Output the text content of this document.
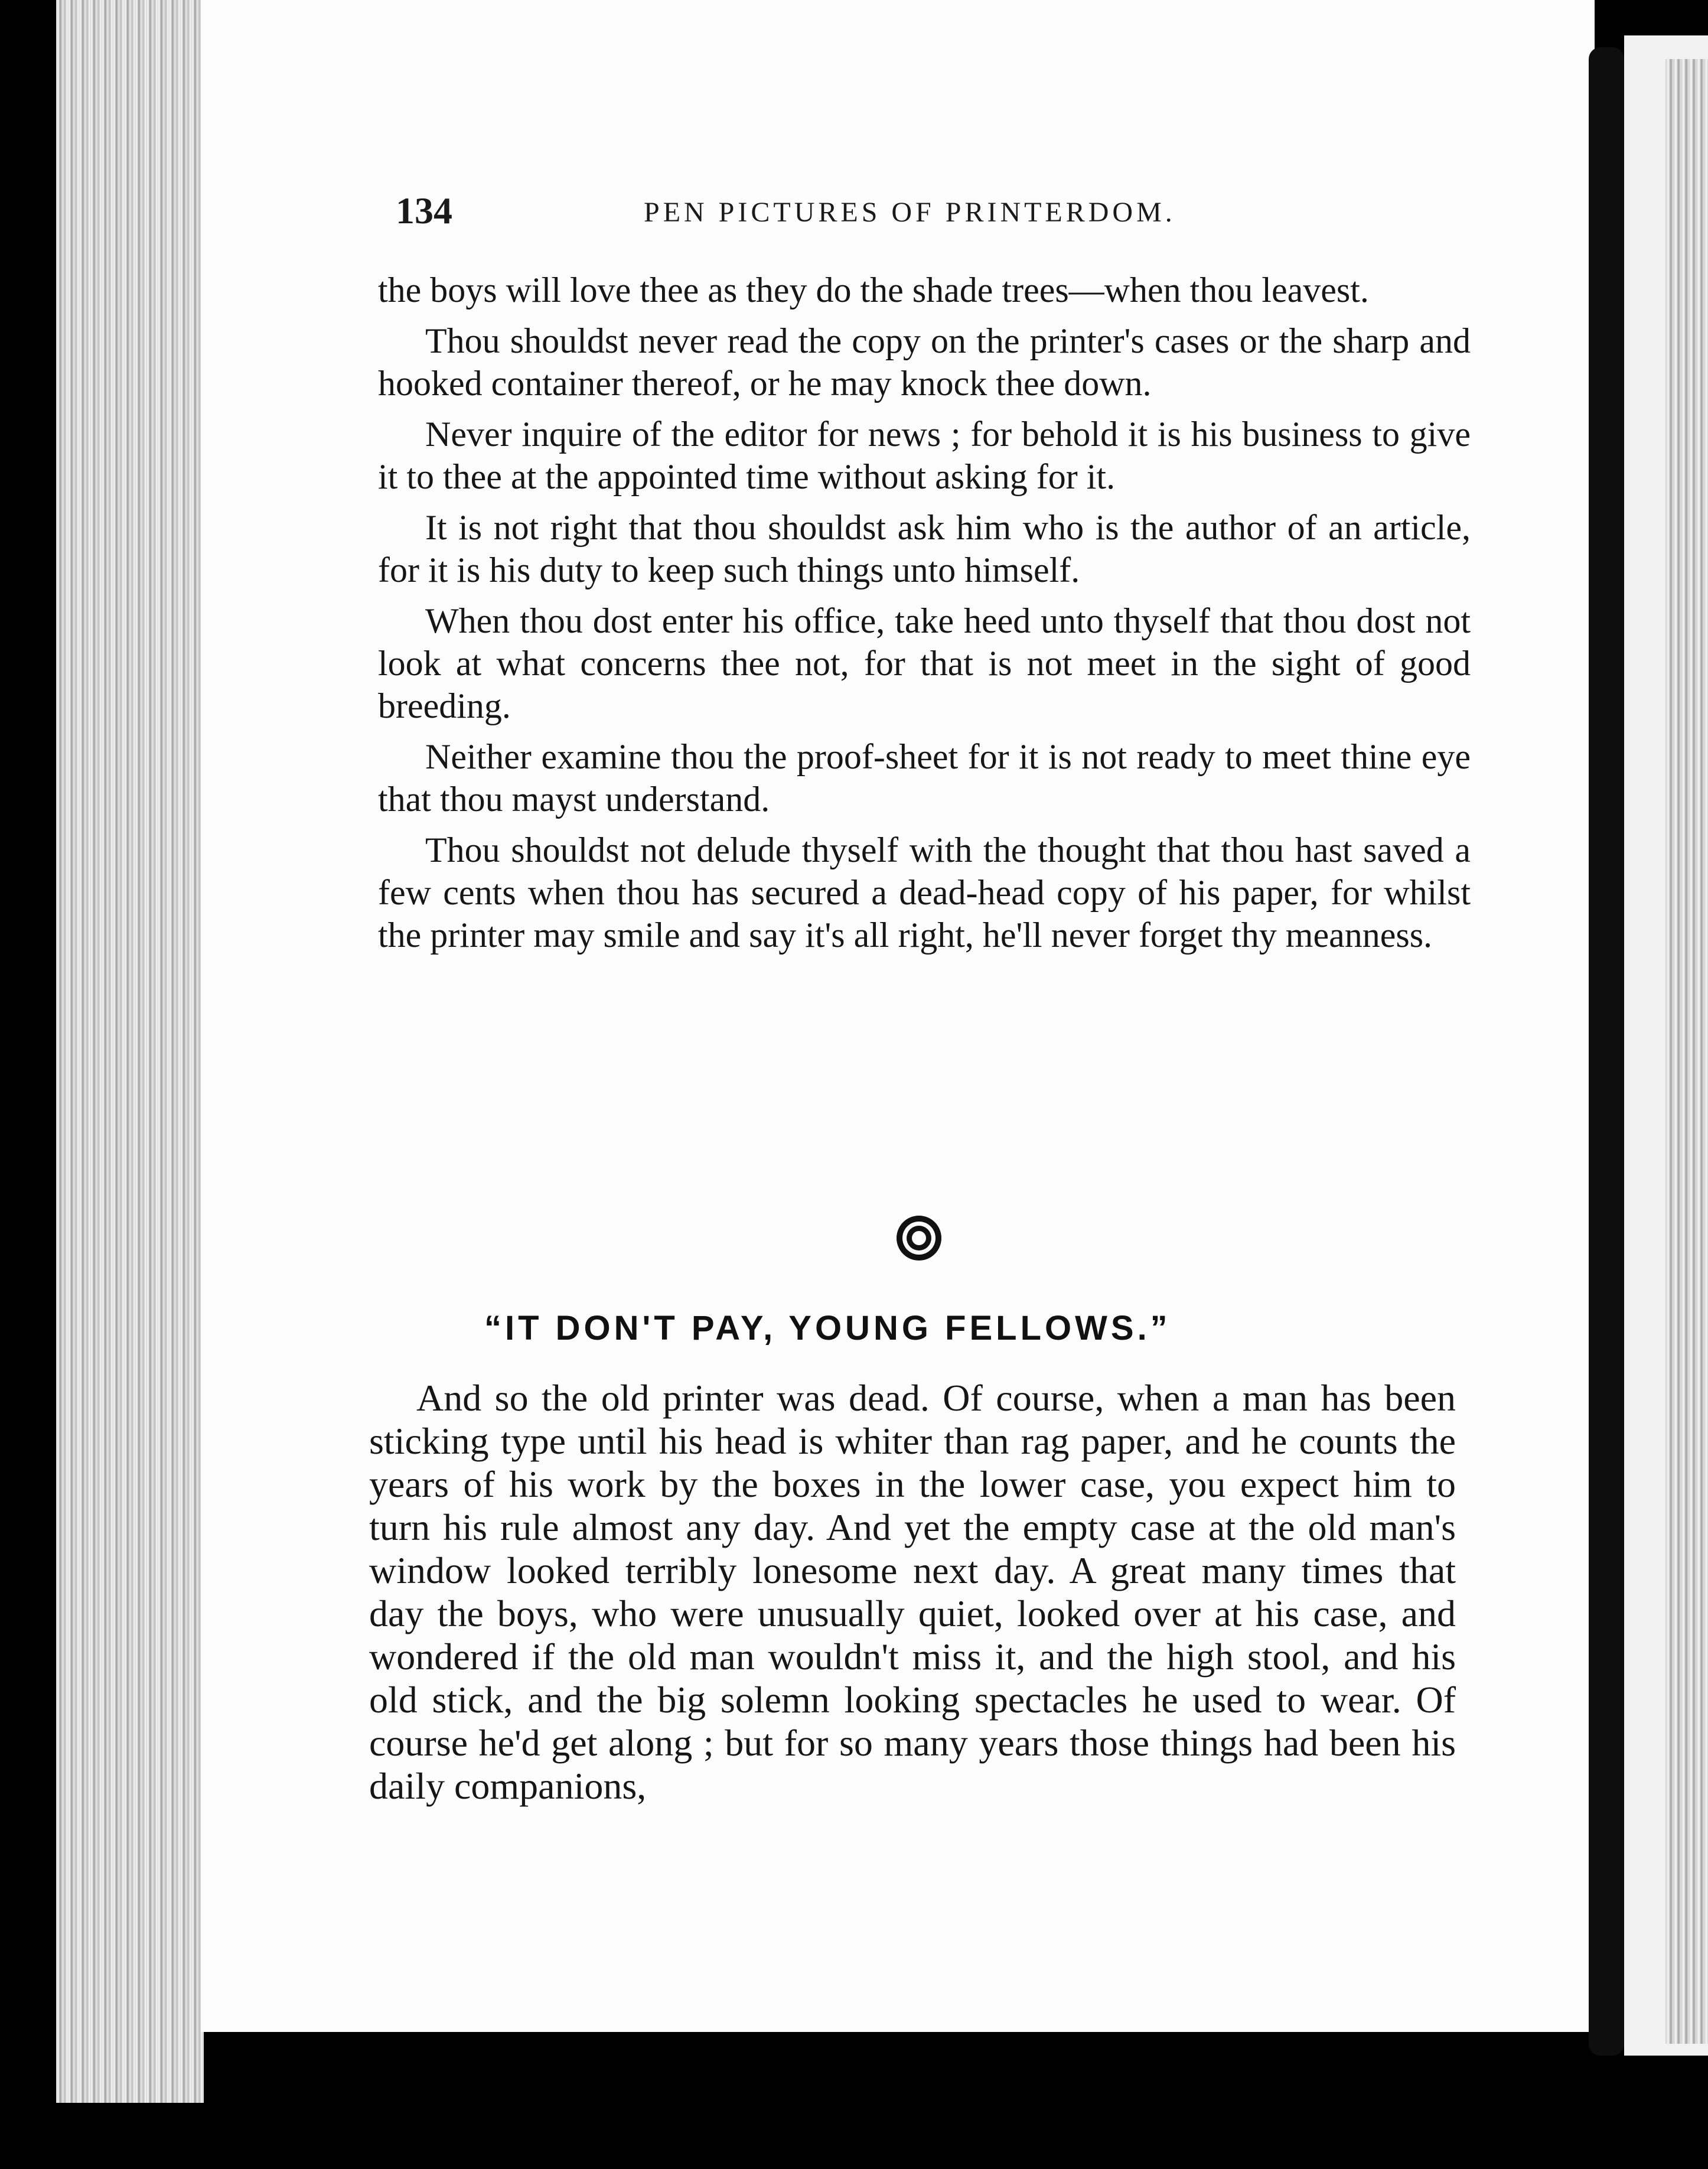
134	PEN PICTURES OF PRINTERDOM.

the boys will love thee as they do the shade trees—when thou leavest.

Thou shouldst never read the copy on the printer's cases or the sharp and hooked container thereof, or he may knock thee down.

Never inquire of the editor for news ; for behold it is his business to give it to thee at the appointed time without asking for it.

It is not right that thou shouldst ask him who is the author of an article, for it is his duty to keep such things unto himself.

When thou dost enter his office, take heed unto thyself that thou dost not look at what concerns thee not, for that is not meet in the sight of good breeding.

Neither examine thou the proof-sheet for it is not ready to meet thine eye that thou mayst understand.

Thou shouldst not delude thyself with the thought that thou hast saved a few cents when thou has secured a dead-head copy of his paper, for whilst the printer may smile and say it's all right, he'll never forget thy meanness.

“IT DON'T PAY, YOUNG FELLOWS.”

And so the old printer was dead. Of course, when a man has been sticking type until his head is whiter than rag paper, and he counts the years of his work by the boxes in the lower case, you expect him to turn his rule almost any day. And yet the empty case at the old man's window looked terribly lonesome next day. A great many times that day the boys, who were unusually quiet, looked over at his case, and wondered if the old man wouldn't miss it, and the high stool, and his old stick, and the big solemn looking spectacles he used to wear. Of course he'd get along ; but for so many years those things had been his daily companions,
